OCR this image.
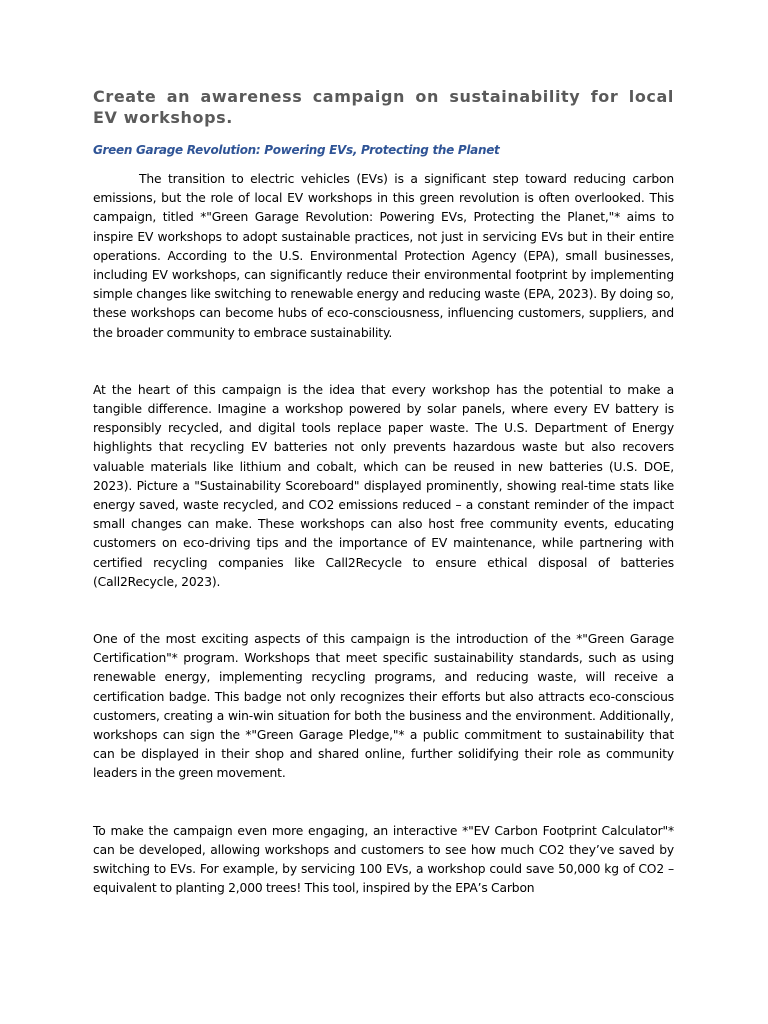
Create an awareness campaign on sustainability for local EV workshops.
Green Garage Revolution: Powering EVs, Protecting the Planet

The transition to electric vehicles (EVs) is a significant step toward reducing carbon emissions, but the role of local EV workshops in this green revolution is often overlooked. This campaign, titled *"Green Garage Revolution: Powering EVs, Protecting the Planet,"* aims to inspire EV workshops to adopt sustainable practices, not just in servicing EVs but in their entire operations. According to the U.S. Environmental Protection Agency (EPA), small businesses, including EV workshops, can significantly reduce their environmental footprint by implementing simple changes like switching to renewable energy and reducing waste (EPA, 2023). By doing so, these workshops can become hubs of eco-consciousness, influencing customers, suppliers, and the broader community to embrace sustainability.

At the heart of this campaign is the idea that every workshop has the potential to make a tangible difference. Imagine a workshop powered by solar panels, where every EV battery is responsibly recycled, and digital tools replace paper waste. The U.S. Department of Energy highlights that recycling EV batteries not only prevents hazardous waste but also recovers valuable materials like lithium and cobalt, which can be reused in new batteries (U.S. DOE, 2023). Picture a "Sustainability Scoreboard" displayed prominently, showing real-time stats like energy saved, waste recycled, and CO2 emissions reduced – a constant reminder of the impact small changes can make. These workshops can also host free community events, educating customers on eco-driving tips and the importance of EV maintenance, while partnering with certified recycling companies like Call2Recycle to ensure ethical disposal of batteries (Call2Recycle, 2023).

One of the most exciting aspects of this campaign is the introduction of the *"Green Garage Certification"* program. Workshops that meet specific sustainability standards, such as using renewable energy, implementing recycling programs, and reducing waste, will receive a certification badge. This badge not only recognizes their efforts but also attracts eco-conscious customers, creating a win-win situation for both the business and the environment. Additionally, workshops can sign the *"Green Garage Pledge,"* a public commitment to sustainability that can be displayed in their shop and shared online, further solidifying their role as community leaders in the green movement.

To make the campaign even more engaging, an interactive *"EV Carbon Footprint Calculator"* can be developed, allowing workshops and customers to see how much CO2 they’ve saved by switching to EVs. For example, by servicing 100 EVs, a workshop could save 50,000 kg of CO2 – equivalent to planting 2,000 trees! This tool, inspired by the EPA’s Carbon
